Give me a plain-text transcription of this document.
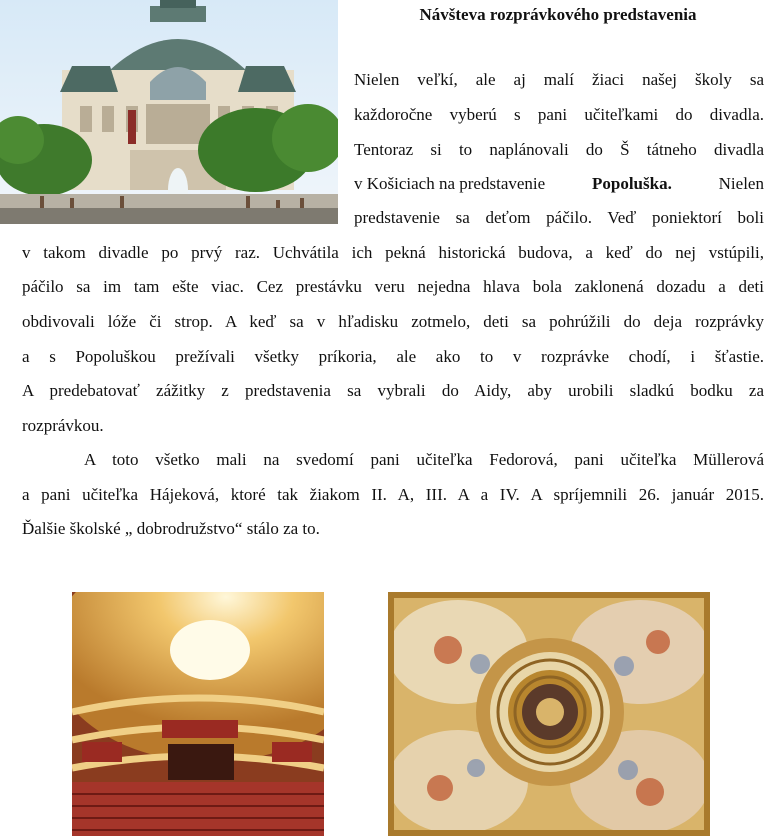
Návšteva rozprávkového predstavenia
Nielen veľkí, ale aj malí žiaci našej školy sa
každoročne vyberú s pani učiteľkami do divadla.
Tentoraz si to naplánovali do Š tátneho divadla
v Košiciach na predstavenie	Popoluška.	Nielen
predstavenie sa deťom páčilo. Veď poniektorí boli
v takom divadle po prvý raz. Uchvátila ich pekná historická budova, a keď do nej vstúpili,
páčilo sa im tam ešte viac. Cez prestávku veru nejedna hlava bola zaklonená dozadu a deti
obdivovali lóže či strop. A keď sa v hľadisku zotmelo, deti sa pohrúžili do deja rozprávky
a s Popoluškou prežívali všetky príkoria, ale ako to v rozprávke chodí, i šťastie.
A predebatovať zážitky z predstavenia sa vybrali do Aidy, aby urobili sladkú bodku za
rozprávkou.
A toto všetko mali na svedomí pani učiteľka Fedorová, pani učiteľka Müllerová
a pani učiteľka Hájeková, ktoré tak žiakom II. A, III. A a IV. A spríjemnili 26. január 2015.
Ďalšie školské „ dobrodružstvo“ stálo za to.
